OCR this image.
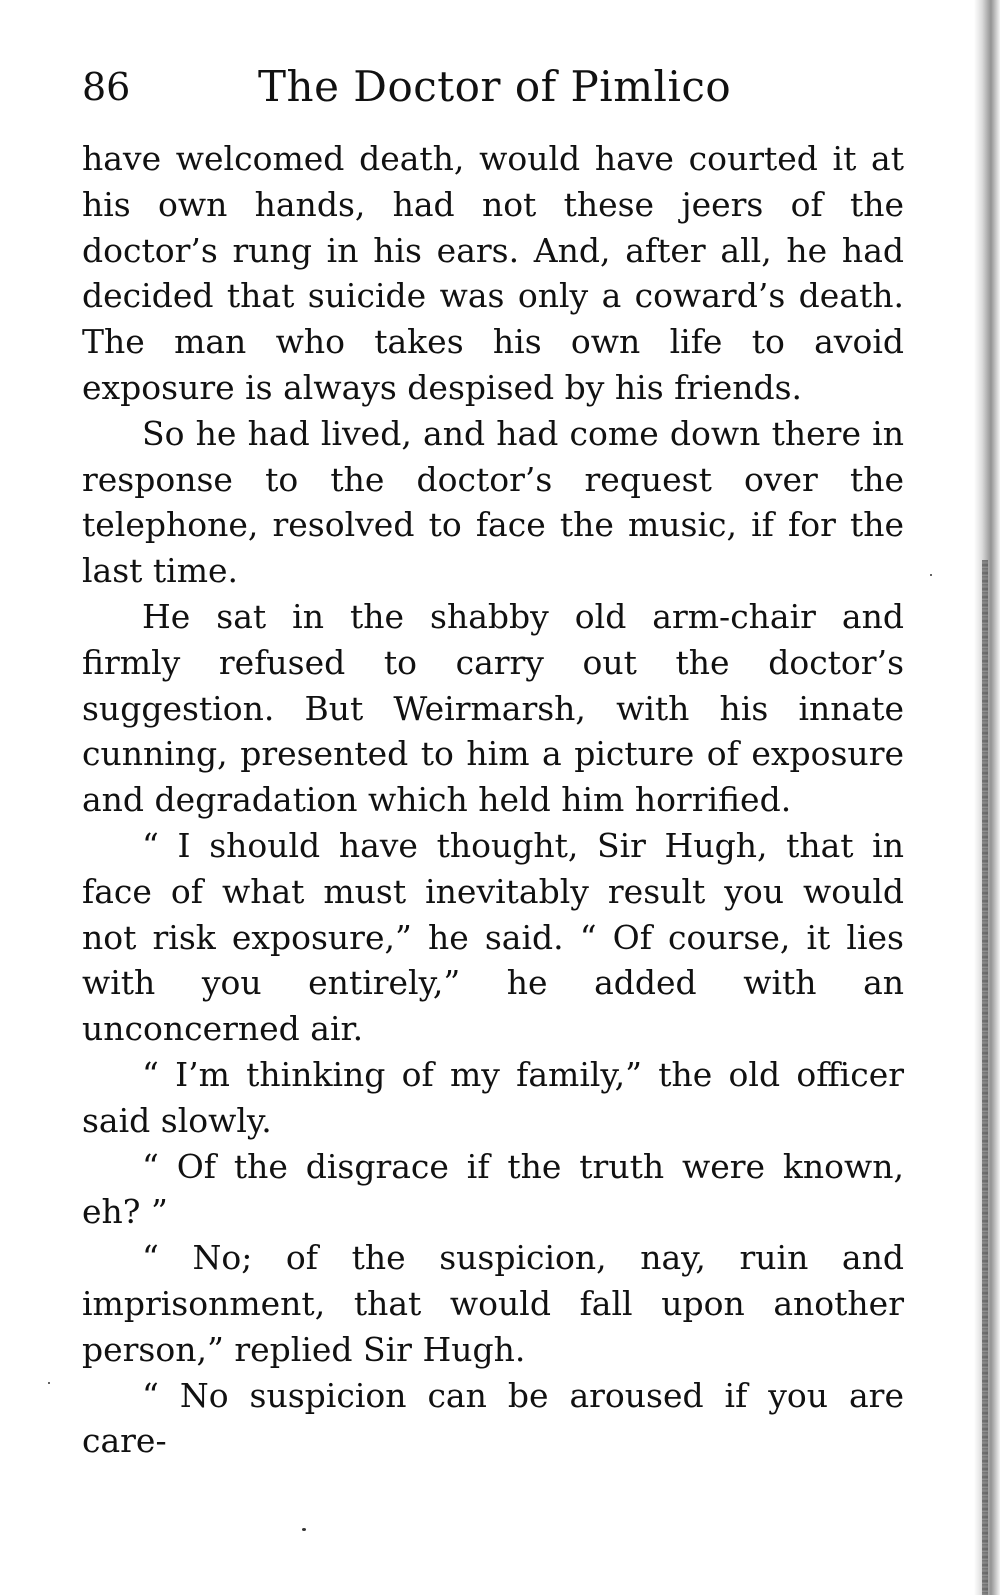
86	The Doctor of Pimlico

have welcomed death, would have courted it at his own hands, had not these jeers of the doctor’s rung in his ears. And, after all, he had decided that suicide was only a coward’s death. The man who takes his own life to avoid exposure is always despised by his friends.

So he had lived, and had come down there in response to the doctor’s request over the telephone, resolved to face the music, if for the last time.

He sat in the shabby old arm-chair and firmly refused to carry out the doctor’s suggestion. But Weirmarsh, with his innate cunning, presented to him a picture of exposure and degradation which held him horrified.

“ I should have thought, Sir Hugh, that in face of what must inevitably result you would not risk exposure,” he said. “ Of course, it lies with you entirely,” he added with an unconcerned air.

“ I’m thinking of my family,” the old officer said slowly.

“ Of the disgrace if the truth were known, eh? ”

“ No; of the suspicion, nay, ruin and imprisonment, that would fall upon another person,” replied Sir Hugh.

“ No suspicion can be aroused if you are care-
